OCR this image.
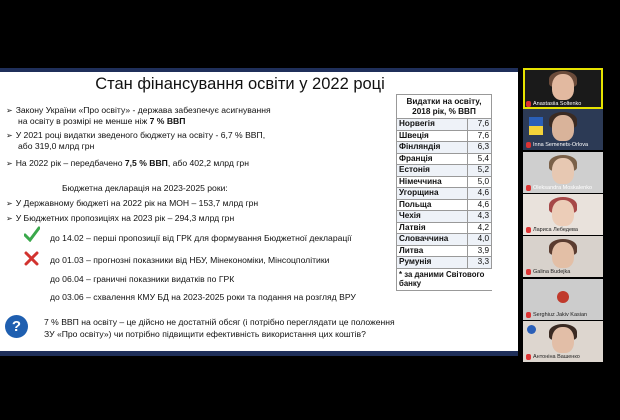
Стан фінансування освіти у 2022 році
➢ Закону України «Про освіту» - держава забезпечує асигнування
на освіту в розмірі не менше ніж 7 % ВВП
➢ У 2021 році видатки зведеного бюджету на освіту - 6,7 % ВВП,
або 319,0 млрд грн
➢ На 2022 рік – передбачено 7,5 % ВВП, або 402,2 млрд грн
Бюджетна декларація на 2023-2025 роки:
➢ У Державному бюджеті на 2022 рік на МОН – 153,7 млрд грн
➢ У Бюджетних пропозиціях на 2023 рік – 294,3 млрд грн
до 14.02 – перші пропозиції від ГРК для формування Бюджетної декларації
до 01.03 – прогнозні показники від НБУ, Мінекономіки, Мінсоцполітики
до 06.04 – граничні показники видатків по ГРК
до 03.06 – схвалення КМУ БД на 2023-2025 роки та подання на розгляд ВРУ
?	7 % ВВП на освіту – це дійсно не достатній обсяг (і потрібно переглядати це положення
ЗУ «Про освіту») чи потрібно підвищити ефективність використання цих коштів?
Видатки на освіту, 2018 рік, % ВВП	
Норвегія	7,6
Швеція	7,6
Фінляндія	6,3
Франція	5,4
Естонія	5,2
Німеччина	5,0
Угорщина	4,6
Польща	4,6
Чехія	4,3
Латвія	4,2
Словаччина	4,0
Литва	3,9
Румунія	3,3
* за даними Світового банку	
Anastasiia Soltenko
Inna Semenets-Orlova
Oleksandra Moskalenko
Лариса Лебедева
Galina Budejka
Serghiuz Jakiv Kasian
Антоніна Вашенко
